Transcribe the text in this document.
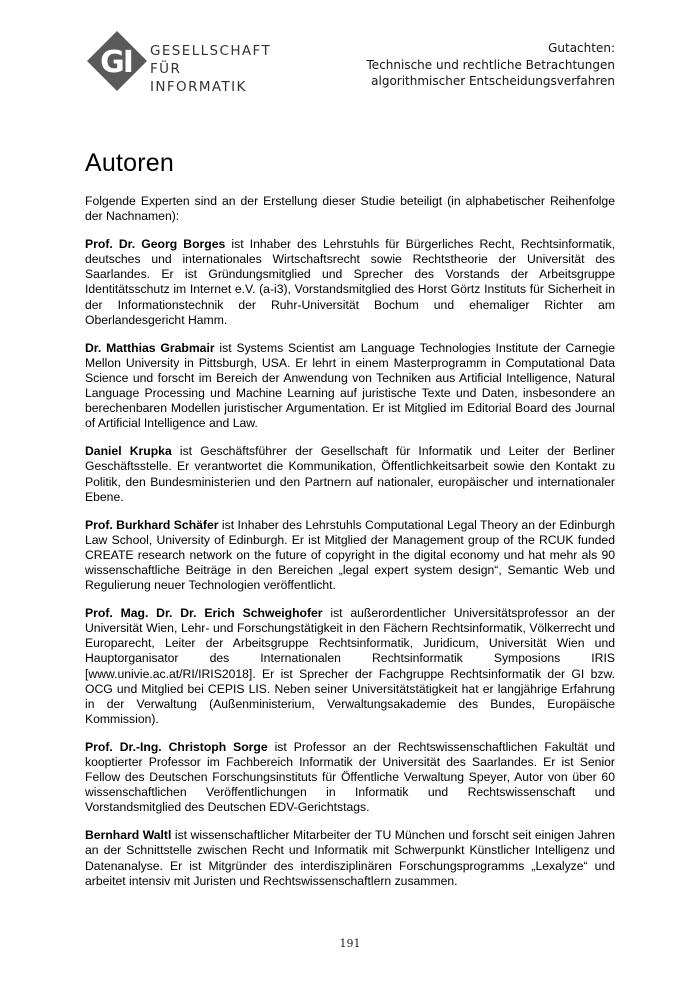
GI GESELLSCHAFT
FÜR INFORMATIK
Gutachten:
Technische und rechtliche Betrachtungen
algorithmischer Entscheidungsverfahren
Autoren

Folgende Experten sind an der Erstellung dieser Studie beteiligt (in alphabetischer Reihenfolge der Nachnamen):

Prof. Dr. Georg Borges ist Inhaber des Lehrstuhls für Bürgerliches Recht, Rechtsinformatik, deutsches und internationales Wirtschaftsrecht sowie Rechtstheorie der Universität des Saarlandes. Er ist Gründungsmitglied und Sprecher des Vorstands der Arbeitsgruppe Identitätsschutz im Internet e.V. (a-i3), Vorstandsmitglied des Horst Görtz Instituts für Sicherheit in der Informationstechnik der Ruhr-Universität Bochum und ehemaliger Richter am Oberlandesgericht Hamm.

Dr. Matthias Grabmair ist Systems Scientist am Language Technologies Institute der Carnegie Mellon University in Pittsburgh, USA. Er lehrt in einem Masterprogramm in Computational Data Science und forscht im Bereich der Anwendung von Techniken aus Artificial Intelligence, Natural Language Processing und Machine Learning auf juristische Texte und Daten, insbesondere an berechenbaren Modellen juristischer Argumentation. Er ist Mitglied im Editorial Board des Journal of Artificial Intelligence and Law.

Daniel Krupka ist Geschäftsführer der Gesellschaft für Informatik und Leiter der Berliner Geschäftsstelle. Er verantwortet die Kommunikation, Öffentlichkeitsarbeit sowie den Kontakt zu Politik, den Bundesministerien und den Partnern auf nationaler, europäischer und internationaler Ebene.

Prof. Burkhard Schäfer ist Inhaber des Lehrstuhls Computational Legal Theory an der Edinburgh Law School, University of Edinburgh. Er ist Mitglied der Management group of the RCUK funded CREATE research network on the future of copyright in the digital economy und hat mehr als 90 wissenschaftliche Beiträge in den Bereichen „legal expert system design“, Semantic Web und Regulierung neuer Technologien veröffentlicht.

Prof. Mag. Dr. Dr. Erich Schweighofer ist außerordentlicher Universitätsprofessor an der Universität Wien, Lehr- und Forschungstätigkeit in den Fächern Rechtsinformatik, Völkerrecht und Europarecht, Leiter der Arbeitsgruppe Rechtsinformatik, Juridicum, Universität Wien und Hauptorganisator des Internationalen Rechtsinformatik Symposions IRIS [www.univie.ac.at/RI/IRIS2018]. Er ist Sprecher der Fachgruppe Rechtsinformatik der GI bzw. OCG und Mitglied bei CEPIS LIS. Neben seiner Universitätstätigkeit hat er langjährige Erfahrung in der Verwaltung (Außenministerium, Verwaltungsakademie des Bundes, Europäische Kommission).

Prof. Dr.-Ing. Christoph Sorge ist Professor an der Rechtswissenschaftlichen Fakultät und kooptierter Professor im Fachbereich Informatik der Universität des Saarlandes. Er ist Senior Fellow des Deutschen Forschungsinstituts für Öffentliche Verwaltung Speyer, Autor von über 60 wissenschaftlichen Veröffentlichungen in Informatik und Rechtswissenschaft und Vorstandsmitglied des Deutschen EDV-Gerichtstags.

Bernhard Waltl ist wissenschaftlicher Mitarbeiter der TU München und forscht seit einigen Jahren an der Schnittstelle zwischen Recht und Informatik mit Schwerpunkt Künstlicher Intelligenz und Datenanalyse. Er ist Mitgründer des interdisziplinären Forschungsprogramms „Lexalyze“ und arbeitet intensiv mit Juristen und Rechtswissenschaftlern zusammen.

191
